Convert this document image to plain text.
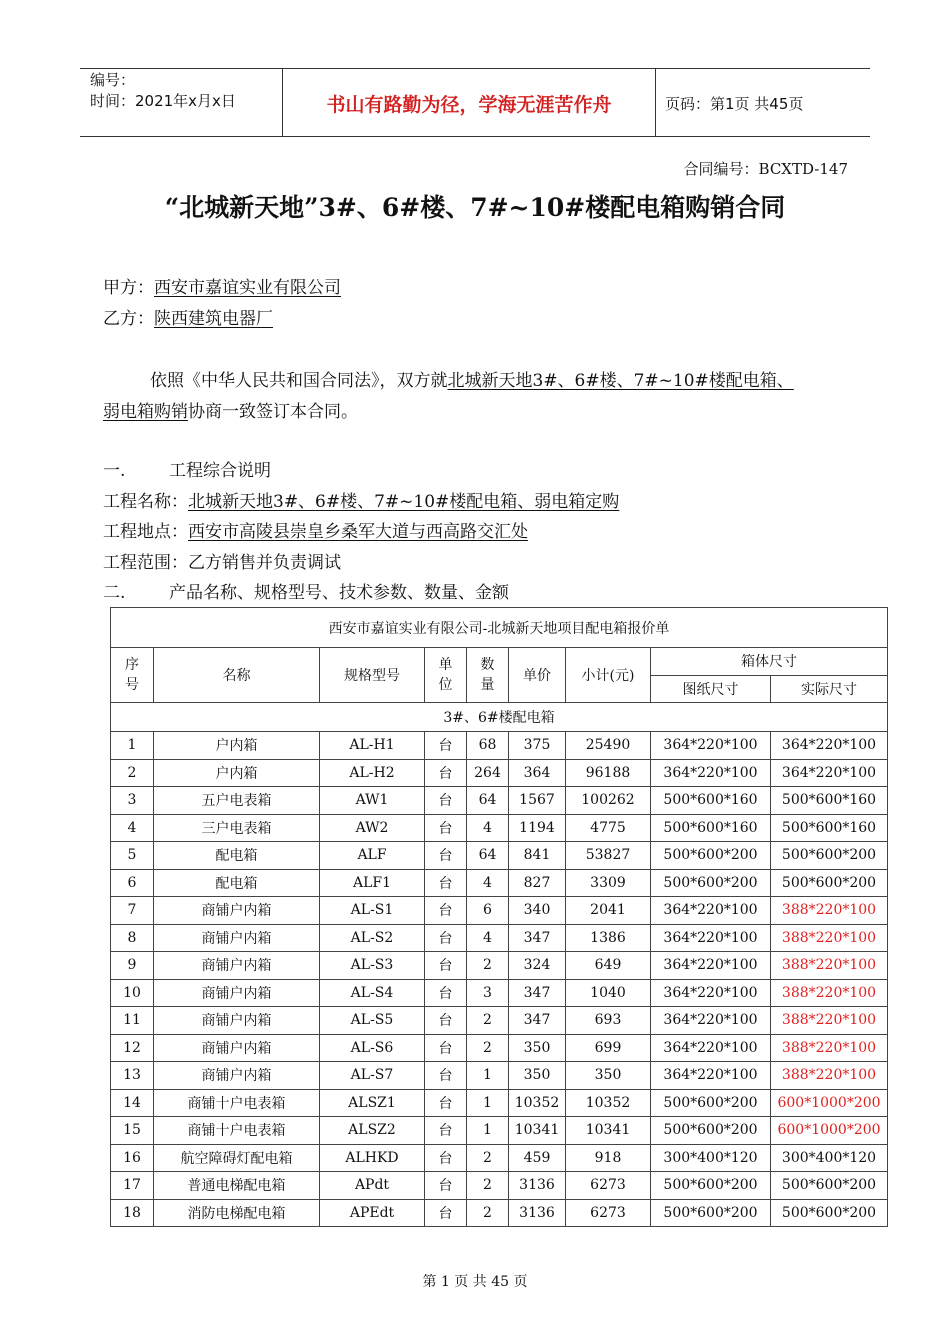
编号：
时间：2021年x月x日	书山有路勤为径，学海无涯苦作舟	页码：第1页 共45页
合同编号：BCXTD-147
“北城新天地”3#、6#楼、7#~10#楼配电箱购销合同
甲方：西安市嘉谊实业有限公司
乙方：陕西建筑电器厂
依照《中华人民共和国合同法》，双方就北城新天地3#、6#楼、7#~10#楼配电箱、
弱电箱购销协商一致签订本合同。
一.	工程综合说明
工程名称：北城新天地3#、6#楼、7#~10#楼配电箱、弱电箱定购
工程地点：西安市高陵县崇皇乡桑军大道与西高路交汇处
工程范围：乙方销售并负责调试
二.	产品名称、规格型号、技术参数、数量、金额
西安市嘉谊实业有限公司-北城新天地项目配电箱报价单								

序号	名称	规格型号	单位	数量	单价	小计(元)	箱体尺寸	
							图纸尺寸	实际尺寸
3#、6#楼配电箱								
1	户内箱	AL-H1	台	68	375	25490	364*220*100	364*220*100
2	户内箱	AL-H2	台	264	364	96188	364*220*100	364*220*100
3	五户电表箱	AW1	台	64	1567	100262	500*600*160	500*600*160
4	三户电表箱	AW2	台	4	1194	4775	500*600*160	500*600*160
5	配电箱	ALF	台	64	841	53827	500*600*200	500*600*200
6	配电箱	ALF1	台	4	827	3309	500*600*200	500*600*200
7	商铺户内箱	AL-S1	台	6	340	2041	364*220*100	388*220*100
8	商铺户内箱	AL-S2	台	4	347	1386	364*220*100	388*220*100
9	商铺户内箱	AL-S3	台	2	324	649	364*220*100	388*220*100
10	商铺户内箱	AL-S4	台	3	347	1040	364*220*100	388*220*100
11	商铺户内箱	AL-S5	台	2	347	693	364*220*100	388*220*100
12	商铺户内箱	AL-S6	台	2	350	699	364*220*100	388*220*100
13	商铺户内箱	AL-S7	台	1	350	350	364*220*100	388*220*100
14	商铺十户电表箱	ALSZ1	台	1	10352	10352	500*600*200	600*1000*200
15	商铺十户电表箱	ALSZ2	台	1	10341	10341	500*600*200	600*1000*200
16	航空障碍灯配电箱	ALHKD	台	2	459	918	300*400*120	300*400*120
17	普通电梯配电箱	APdt	台	2	3136	6273	500*600*200	500*600*200
18	消防电梯配电箱	APEdt	台	2	3136	6273	500*600*200	500*600*200
第 1 页 共 45 页
